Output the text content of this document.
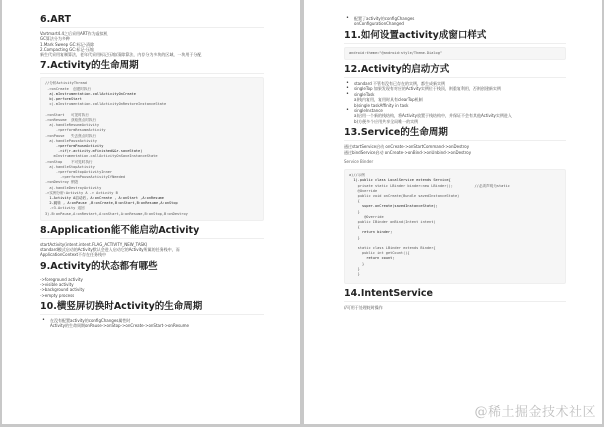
6.ART
Vartmart4.4之后采用ART作为虚拟机
GC算法分为多种
1.Mark Sweep GC:标记-清除
2.Compacting GC:标记-压缩
新生代采用复制算法，老年代采用标记压缩/清除算法，内存分为多块的区域，一块用于分配
7.Activity的生命周期
//分析ActivityThread
->onCreate  创建时执行
a).mInstrumentation.callActivityOnCreate
b).performStart
c).mInstrumentation.callActivityOnRestoreInstanceState
->onStart   可见时执行
->onResume  获取焦点时执行
a).handleResumeActivity
->performResumeActivity
->onPause   失去焦点时执行
a).handlePauseActivity
->performPauseActivity
->if(r.activity.mFinished&&r.saveState)
mInstrumentation.callActivityOnSaveInstanceState
->onStop    不可见时执行
a).handleStopActivity
->performStopActivityInner
->performPauseActivityIfNeeded
->onDestroy 销毁
a).handleDestroyActivity
->实例分析:Activity A -> Activity B
1.Activity A启动后, A:onCreate , A:onStart ,A:onResume
2.跳转 , A:onPause ,B:onCreate,B:onStart,B:onResume,A:onStop
->3.Activity 返回
3).B:onPause,A:onRestart,A:onStart,A:onResume,B:onStop,B:onDestroy
8.Application能不能启动Activity
startActivity(intent.intent.FLAG_ACTIVITY_NEW_TASK)
standard模式启动的Activity默认会进入启动它的Activity所属的任务栈中，而
ApplicationContext不存在任务栈中
9.Activity的状态都有哪些
->foreground activity
->visible activity
->background activity
->empty process
10.横竖屏切换时Activity的生命周期
• 在没有配置activity的configChanges属性时
Activity的生命周期onPause->onStop->onCreate->onStart->onResume
• 配置了activity的configChanges
onConfigurationChanged
11.如何设置activity成窗口样式
android:theme="@android:style/Theme.Dialog"
12.Activity的启动方式
• standard 不管有没有已存在的实例，都生成新实例
• singleTop 如果发现有对应的Activity实例位于栈顶，则重复利用，否则创建新实例
• singleTask
a)栈内复用，复用时具有clearTop机制
b)single taskAffinity in task
• singleInstance
a)启用一个新的栈结构，将Activity放置于栈结构中，并保证不会有其他Activity实例进入
b)方便多个应用共享全局唯一的实例
13.Service的生命周期
通过startService启动 onCreate->onStartCommand->onDestroy
通过bindService启动 onCreate->onBind->onUnbind->onDestroy
Service Binder
a)//示例
1).public class LocalService extends Service{
private static LBinder binder=new LBinder();          //必须声明为static
@Override
public void onCreate(Bundle savedInstanceState)
{
super.onCreate(savedInstanceState);
}
@Override
public IBinder onBind(Intent intent)
{
return binder;
}
static class LBinder extends Binder{
public int getCount(){
return count;
}
}
}
14.IntentService
//可用于处理耗时操作
@稀土掘金技术社区
